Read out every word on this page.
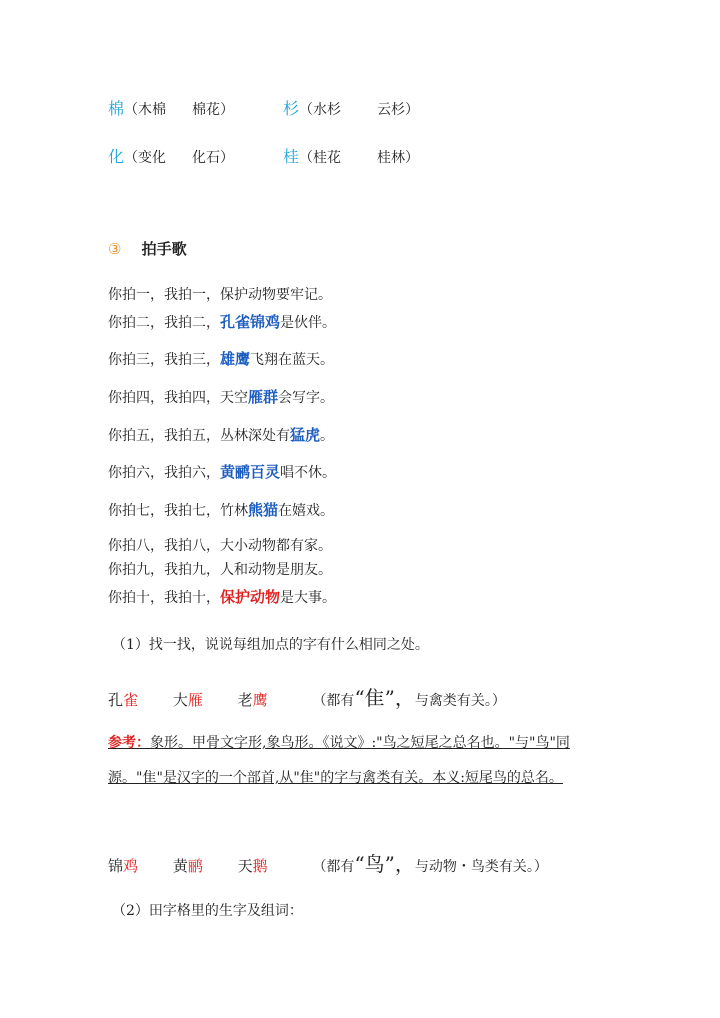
棉（木棉 棉花）	杉（水杉	云杉）
化（变化 化石）	桂（桂花	桂林）
③ 拍手歌
你拍一，我拍一，保护动物要牢记。
你拍二，我拍二，孔雀锦鸡是伙伴。
你拍三，我拍三，雄鹰飞翔在蓝天。
你拍四，我拍四，天空雁群会写字。
你拍五，我拍五，丛林深处有猛虎。
你拍六，我拍六，黄鹂百灵唱不休。
你拍七，我拍七，竹林熊猫在嬉戏。
你拍八，我拍八，大小动物都有家。
你拍九，我拍九，人和动物是朋友。
你拍十，我拍十，保护动物是大事。
（1）找一找，说说每组加点的字有什么相同之处。
孔雀 大雁 老鹰	（都有“隹”，与禽类有关。）
参考：象形。甲骨文字形,象鸟形。《说文》:"鸟之短尾之总名也。"与"鸟"同源。"隹"是汉字的一个部首,从"隹"的字与禽类有关。本义:短尾鸟的总名。
锦鸡 黄鹂 天鹅	（都有“鸟”，与动物・鸟类有关。）
（2）田字格里的生字及组词：
